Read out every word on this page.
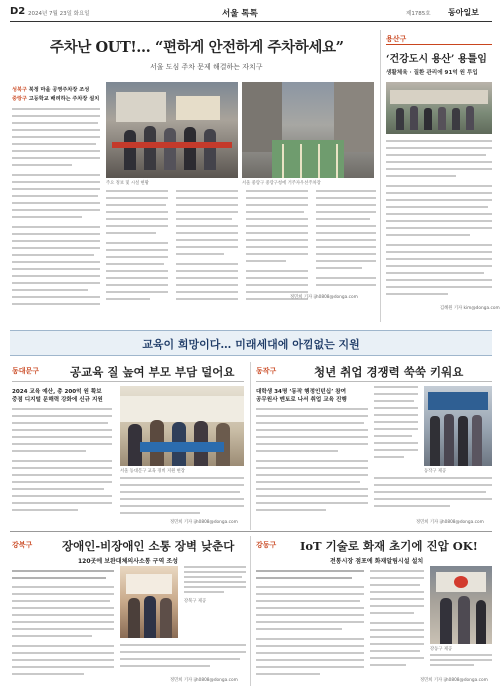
D2 2024년 7월 23일 화요일	서울 톡톡	제1785호 동아일보
주차난 OUT!… “편하게 안전하게 주차하세요”
서울 도심 주차 문제 해결하는 자치구
성북구 북정 마을 공영주차장 조성
중랑구 고등학교 배려하는 주차장 설치
주요 정보 및 시설 현황	서울 중랑구 중랑구청에 거주자우선주차장
정민희 기자 ijh0808@donga.com
용산구
‘건강도시 용산’ 용틀임
생활체육 · 질환 관리에 91억 원 투입
김혜원 기자 kim@donga.com
교육이 희망이다… 미래세대에 아낌없는 지원
동대문구	공교육 질 높여 부모 부담 덜어요
2024 교육 예산, 총 200억 원 확보
중점 디지털 문해력 강화에 신규 지원
서울 동대문구 교육 경비 지원 현장
정민희 기자 ijh0808@donga.com
동작구	청년 취업 경쟁력 쑥쑥 키워요
대학생 34명 ‘동작 행정인턴십’ 참여
공무원사 멘토로 나서 취업 교육 진행
동작구 제공
정민희 기자 ijh0808@donga.com
강북구	장애인-비장애인 소통 장벽 낮춘다
120곳에 보완대체의사소통 구역 조성
강북구 제공
정민희 기자 ijh0808@donga.com
강동구 IoT 기술로 화재 초기에 진압 OK!
전통시장 점포에 화재알림시설 설치
강동구 제공
정민희 기자 ijh0808@donga.com
